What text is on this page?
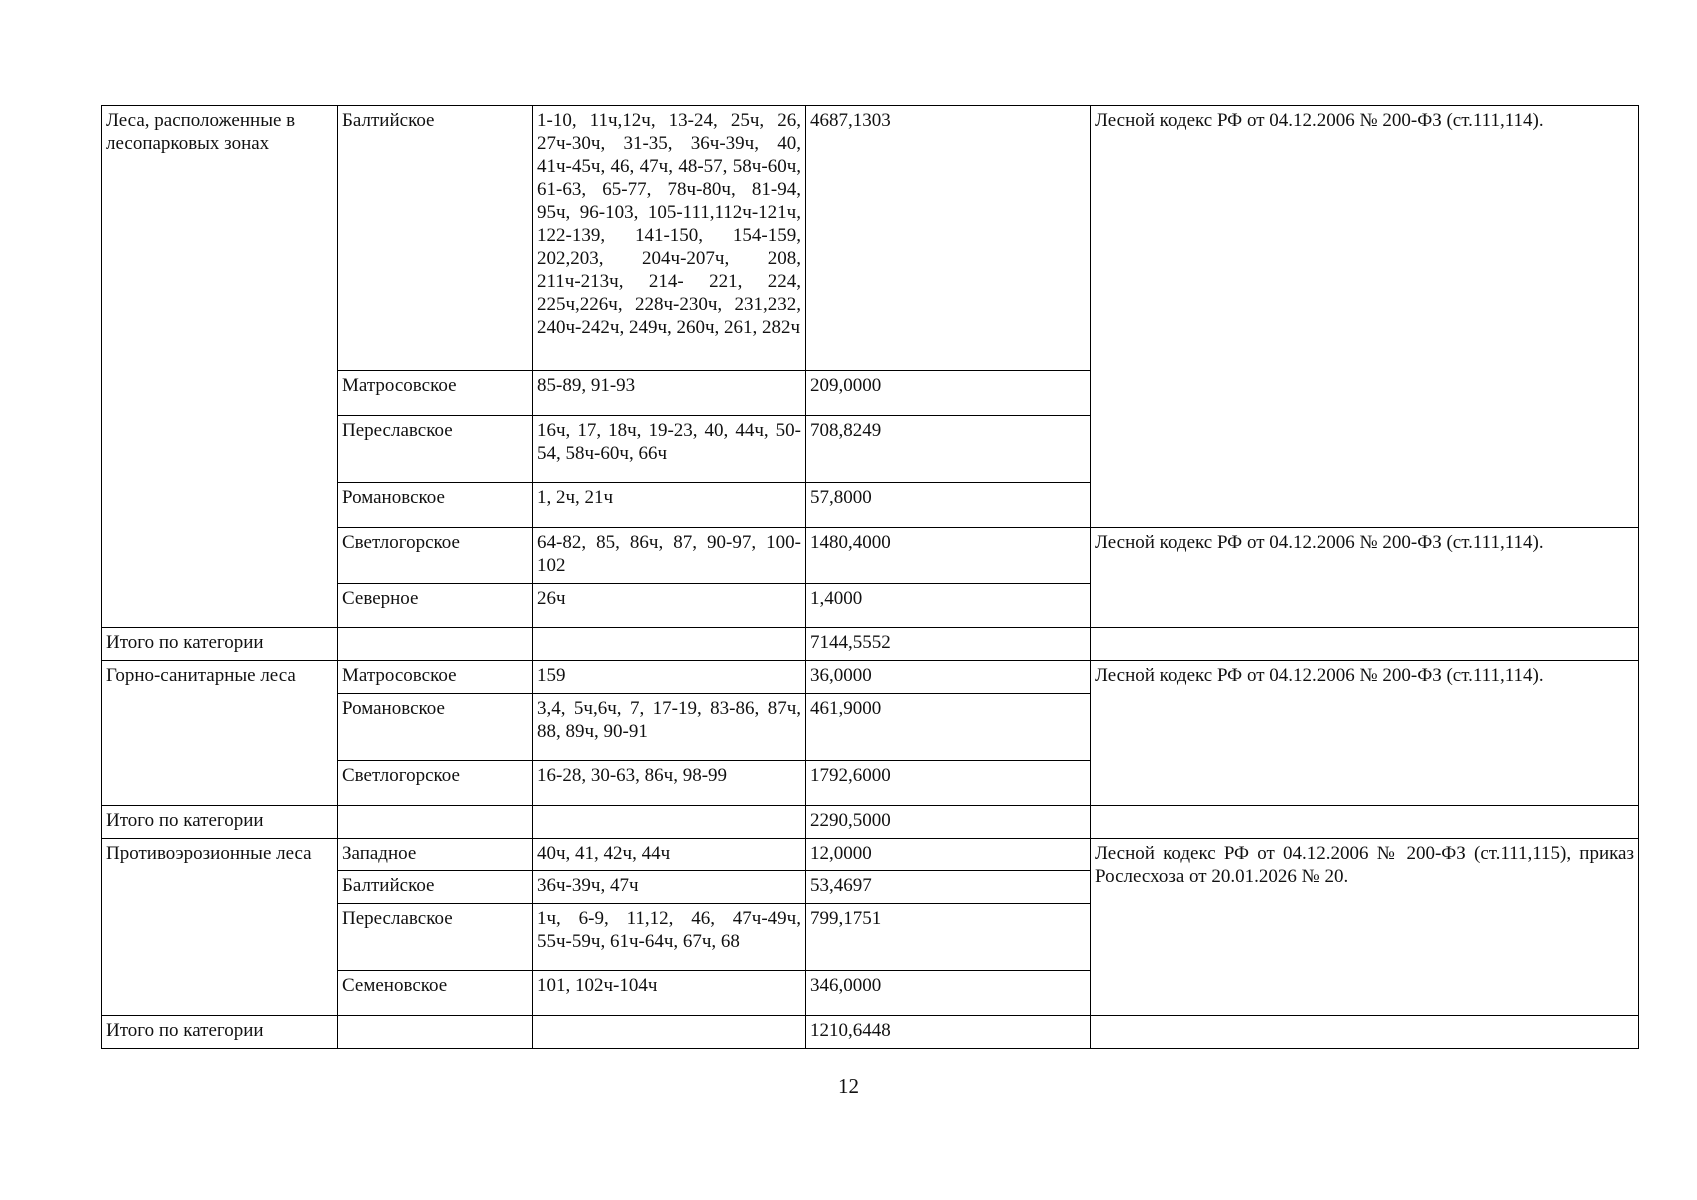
Леса, расположенные в лесопарковых зонах	Балтийское	1-10, 11ч,12ч, 13-24, 25ч, 26, 27ч-30ч, 31-35, 36ч-39ч, 40, 41ч-45ч, 46, 47ч, 48-57, 58ч-60ч, 61-63, 65-77, 78ч-80ч, 81-94, 95ч, 96-103, 105-111,112ч-121ч, 122-139, 141-150, 154-159, 202,203, 204ч-207ч, 208, 211ч-213ч, 214- 221, 224, 225ч,226ч, 228ч-230ч, 231,232, 240ч-242ч, 249ч, 260ч, 261, 282ч	4687,1303	Лесной кодекс РФ от 04.12.2006 № 200-ФЗ (ст.111,114).
	Матросовское	85-89, 91-93	209,0000	
	Переславское	16ч, 17, 18ч, 19-23, 40, 44ч, 50-54, 58ч-60ч, 66ч	708,8249	
	Романовское	1, 2ч, 21ч	57,8000	
	Светлогорское	64-82, 85, 86ч, 87, 90-97, 100-102	1480,4000	Лесной кодекс РФ от 04.12.2006 № 200-ФЗ (ст.111,114).
	Северное	26ч	1,4000	
Итого по категории			7144,5552	
Горно-санитарные леса	Матросовское	159	36,0000	Лесной кодекс РФ от 04.12.2006 № 200-ФЗ (ст.111,114).
	Романовское	3,4, 5ч,6ч, 7, 17-19, 83-86, 87ч, 88, 89ч, 90-91	461,9000	
	Светлогорское	16-28, 30-63, 86ч, 98-99	1792,6000	
Итого по категории			2290,5000	
Противоэрозионные леса	Западное	40ч, 41, 42ч, 44ч	12,0000	Лесной кодекс РФ от 04.12.2006 № 200-ФЗ (ст.111,115), приказ Рослесхоза от 20.01.2026 № 20.
	Балтийское	36ч-39ч, 47ч	53,4697	
	Переславское	1ч, 6-9, 11,12, 46, 47ч-49ч, 55ч-59ч, 61ч-64ч, 67ч, 68	799,1751	
	Семеновское	101, 102ч-104ч	346,0000	
Итого по категории			1210,6448	
12
